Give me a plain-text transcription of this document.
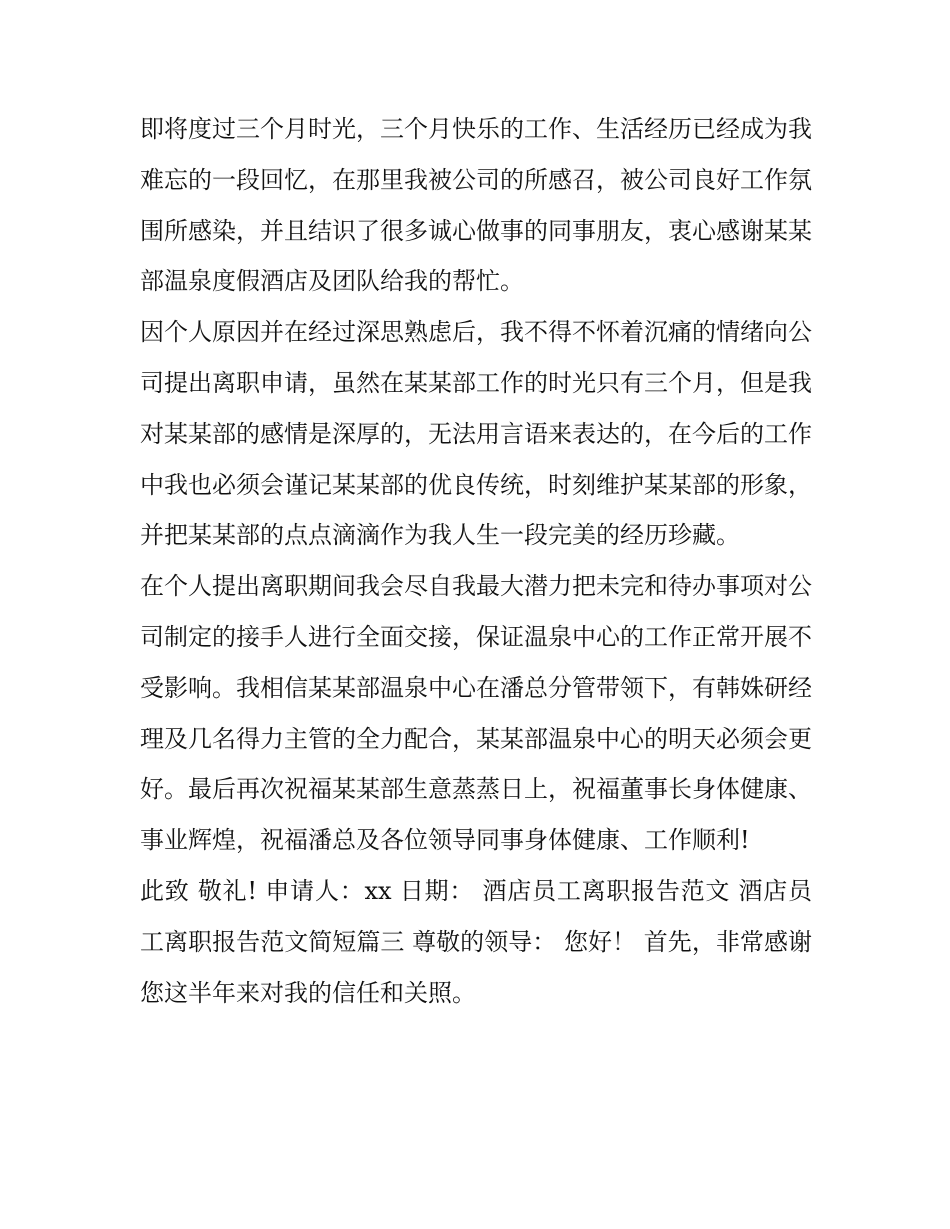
即将度过三个月时光，三个月快乐的工作、生活经历已经成为我难忘的一段回忆，在那里我被公司的所感召，被公司良好工作氛围所感染，并且结识了很多诚心做事的同事朋友，衷心感谢某某部温泉度假酒店及团队给我的帮忙。

因个人原因并在经过深思熟虑后，我不得不怀着沉痛的情绪向公司提出离职申请，虽然在某某部工作的时光只有三个月，但是我对某某部的感情是深厚的，无法用言语来表达的，在今后的工作中我也必须会谨记某某部的优良传统，时刻维护某某部的形象，并把某某部的点点滴滴作为我人生一段完美的经历珍藏。

在个人提出离职期间我会尽自我最大潜力把未完和待办事项对公司制定的接手人进行全面交接，保证温泉中心的工作正常开展不受影响。我相信某某部温泉中心在潘总分管带领下，有韩姝研经理及几名得力主管的全力配合，某某部温泉中心的明天必须会更好。最后再次祝福某某部生意蒸蒸日上，祝福董事长身体健康、事业辉煌，祝福潘总及各位领导同事身体健康、工作顺利!

此致 敬礼! 申请人：xx 日期： 酒店员工离职报告范文 酒店员工离职报告范文简短篇三 尊敬的领导： 您好！ 首先，非常感谢您这半年来对我的信任和关照。
